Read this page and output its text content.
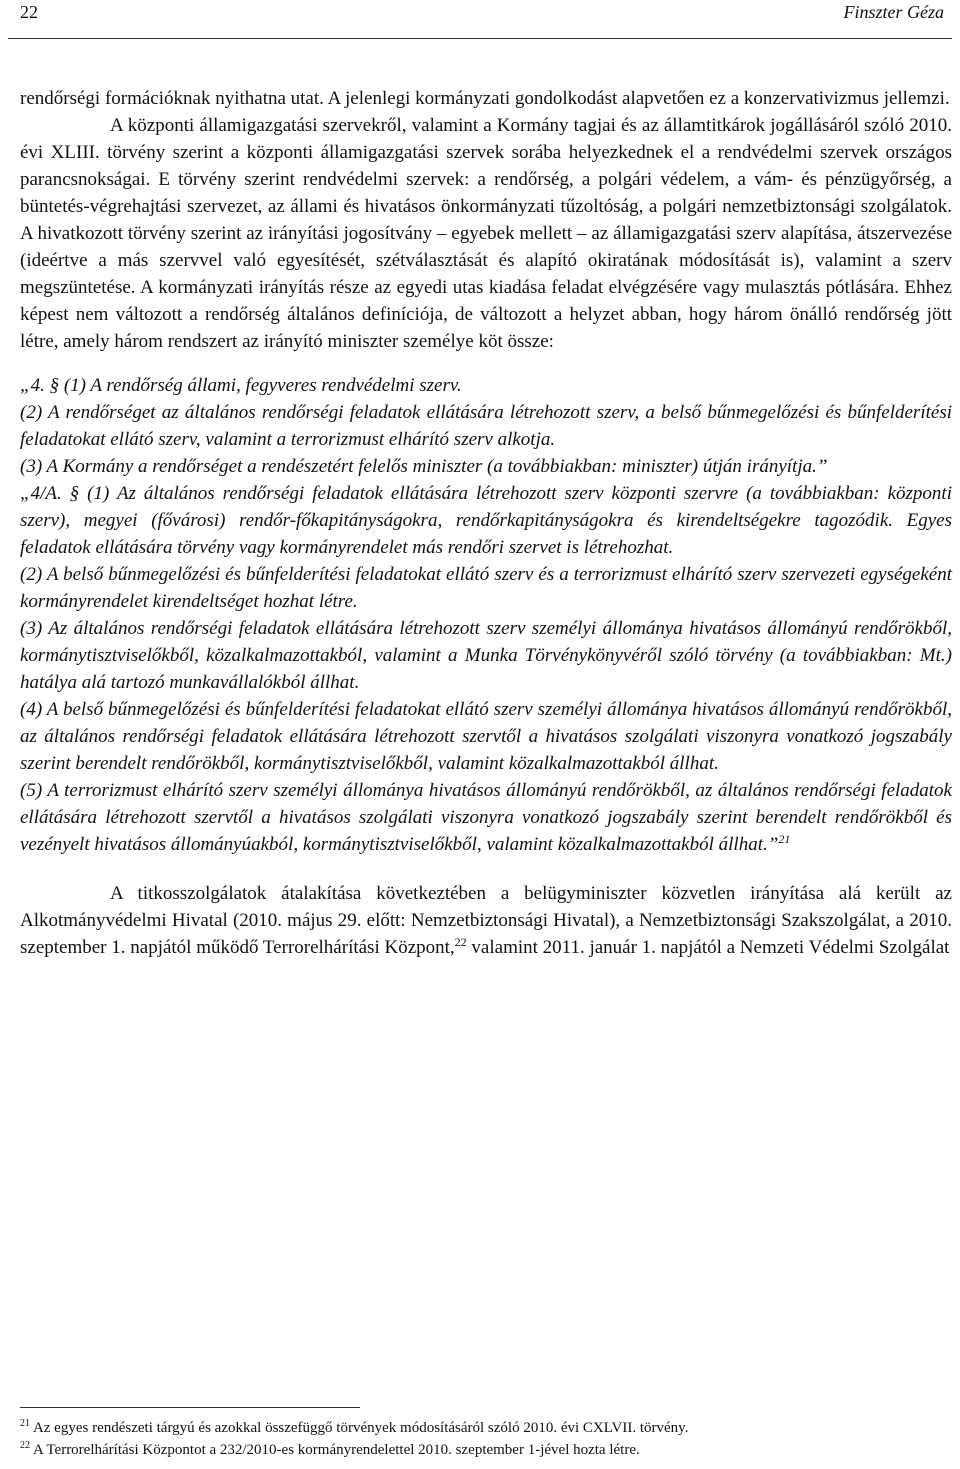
22	Finszter Géza

rendőrségi formációknak nyithatna utat. A jelenlegi kormányzati gondolkodást alapvetően ez a konzervativizmus jellemzi.

A központi államigazgatási szervekről, valamint a Kormány tagjai és az államtitkárok jogállásáról szóló 2010. évi XLIII. törvény szerint a központi államigazgatási szervek sorába helyezkednek el a rendvédelmi szervek országos parancsnokságai. E törvény szerint rendvédelmi szervek: a rendőrség, a polgári védelem, a vám- és pénzügyőrség, a büntetés-végrehajtási szervezet, az állami és hivatásos önkormányzati tűzoltóság, a polgári nemzetbiztonsági szolgálatok. A hivatkozott törvény szerint az irányítási jogosítvány – egyebek mellett – az államigazgatási szerv alapítása, átszervezése (ideértve a más szervvel való egyesítését, szétválasztását és alapító okiratának módosítását is), valamint a szerv megszüntetése. A kormányzati irányítás része az egyedi utas kiadása feladat elvégzésére vagy mulasztás pótlására. Ehhez képest nem változott a rendőrség általános definíciója, de változott a helyzet abban, hogy három önálló rendőrség jött létre, amely három rendszert az irányító miniszter személye köt össze:

„4. § (1) A rendőrség állami, fegyveres rendvédelmi szerv.

(2) A rendőrséget az általános rendőrségi feladatok ellátására létrehozott szerv, a belső bűnmegelőzési és bűnfelderítési feladatokat ellátó szerv, valamint a terrorizmust elhárító szerv alkotja.

(3) A Kormány a rendőrséget a rendészetért felelős miniszter (a továbbiakban: miniszter) útján irányítja.”

„4/A. § (1) Az általános rendőrségi feladatok ellátására létrehozott szerv központi szervre (a továbbiakban: központi szerv), megyei (fővárosi) rendőr-főkapitányságokra, rendőrkapitányságokra és kirendeltségekre tagozódik. Egyes feladatok ellátására törvény vagy kormányrendelet más rendőri szervet is létrehozhat.

(2) A belső bűnmegelőzési és bűnfelderítési feladatokat ellátó szerv és a terrorizmust elhárító szerv szervezeti egységeként kormányrendelet kirendeltséget hozhat létre.

(3) Az általános rendőrségi feladatok ellátására létrehozott szerv személyi állománya hivatásos állományú rendőrökből, kormánytisztviselőkből, közalkalmazottakból, valamint a Munka Törvénykönyvéről szóló törvény (a továbbiakban: Mt.) hatálya alá tartozó munkavállalókból állhat.

(4) A belső bűnmegelőzési és bűnfelderítési feladatokat ellátó szerv személyi állománya hivatásos állományú rendőrökből, az általános rendőrségi feladatok ellátására létrehozott szervtől a hivatásos szolgálati viszonyra vonatkozó jogszabály szerint berendelt rendőrökből, kormánytisztviselőkből, valamint közalkalmazottakból állhat.

(5) A terrorizmust elhárító szerv személyi állománya hivatásos állományú rendőrökből, az általános rendőrségi feladatok ellátására létrehozott szervtől a hivatásos szolgálati viszonyra vonatkozó jogszabály szerint berendelt rendőrökből és vezényelt hivatásos állományúakból, kormánytisztviselőkből, valamint közalkalmazottakból állhat.”$^{21}$

A titkosszolgálatok átalakítása következtében a belügyminiszter közvetlen irányítása alá került az Alkotmányvédelmi Hivatal (2010. május 29. előtt: Nemzetbiztonsági Hivatal), a Nemzetbiztonsági Szakszolgálat, a 2010. szeptember 1. napjától működő Terrorelhárítási Központ,$^{22}$ valamint 2011. január 1. napjától a Nemzeti Védelmi Szolgálat

$^{21}$ Az egyes rendészeti tárgyú és azokkal összefüggő törvények módosításáról szóló 2010. évi CXLVII. törvény.

$^{22}$ A Terrorelhárítási Központot a 232/2010-es kormányrendelettel 2010. szeptember 1-jével hozta létre.
